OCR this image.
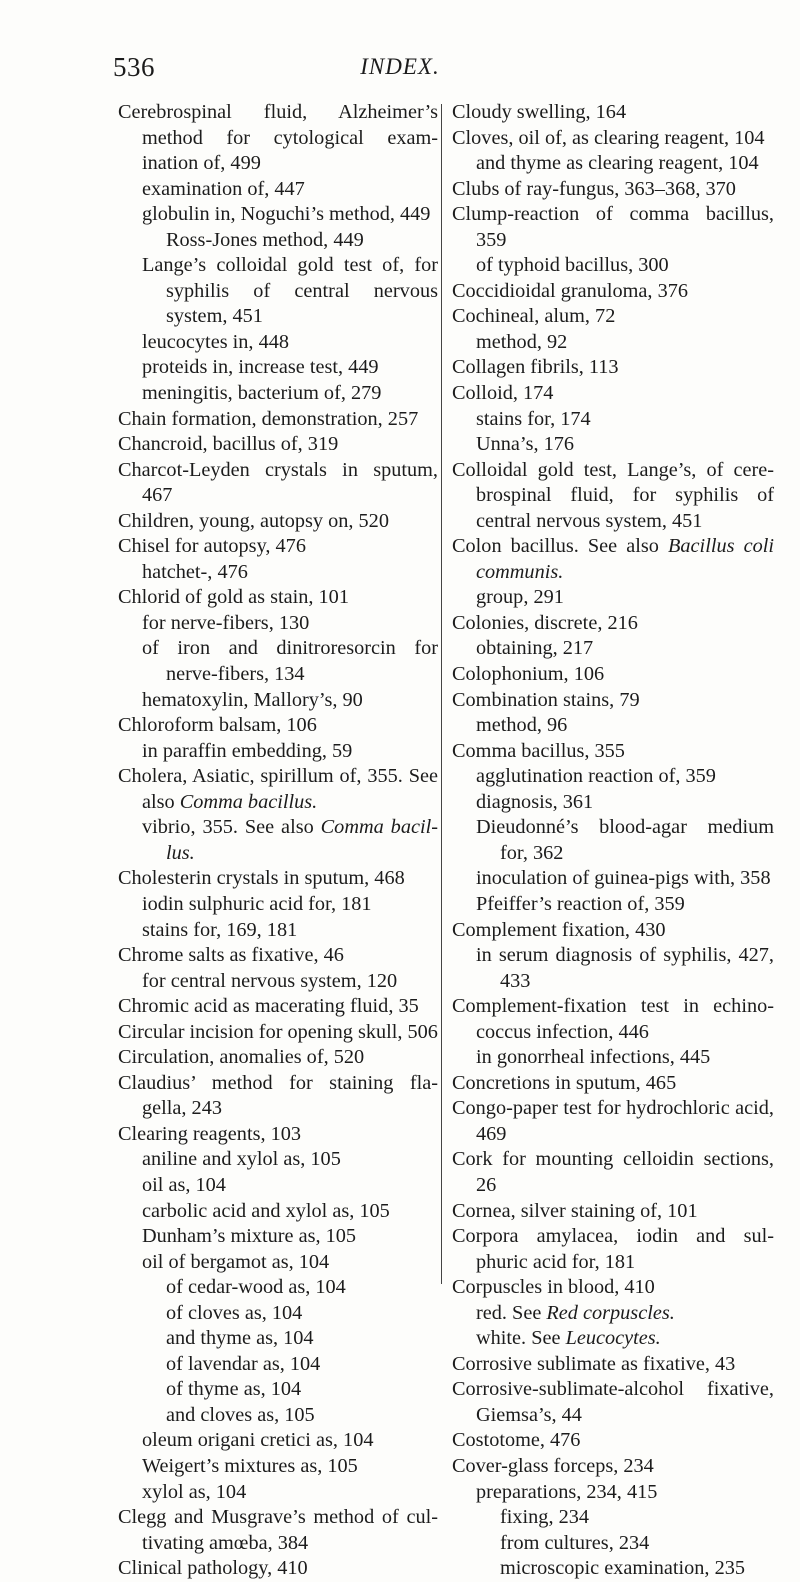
536	INDEX.
Cerebrospinal fluid, Alzheimer’s method for cytological exam- ination of, 499
examination of, 447
globulin in, Noguchi’s method, 449
Ross-Jones method, 449
Lange’s colloidal gold test of, for syphilis of central nervous system, 451
leucocytes in, 448
proteids in, increase test, 449
meningitis, bacterium of, 279
Chain formation, demonstration, 257
Chancroid, bacillus of, 319
Charcot-Leyden crystals in sputum, 467
Children, young, autopsy on, 520
Chisel for autopsy, 476
hatchet-, 476
Chlorid of gold as stain, 101
for nerve-fibers, 130
of iron and dinitroresorcin for nerve-fibers, 134
hematoxylin, Mallory’s, 90
Chloroform balsam, 106
in paraffin embedding, 59
Cholera, Asiatic, spirillum of, 355. See also Comma bacillus.
vibrio, 355. See also Comma bacil- lus.
Cholesterin crystals in sputum, 468
iodin sulphuric acid for, 181
stains for, 169, 181
Chrome salts as fixative, 46
for central nervous system, 120
Chromic acid as macerating fluid, 35
Circular incision for opening skull, 506
Circulation, anomalies of, 520
Claudius’ method for staining fla- gella, 243
Clearing reagents, 103
aniline and xylol as, 105
oil as, 104
carbolic acid and xylol as, 105
Dunham’s mixture as, 105
oil of bergamot as, 104
of cedar-wood as, 104
of cloves as, 104
and thyme as, 104
of lavendar as, 104
of thyme as, 104
and cloves as, 105
oleum origani cretici as, 104
Weigert’s mixtures as, 105
xylol as, 104
Clegg and Musgrave’s method of cul- tivating amœba, 384
Clinical pathology, 410
Cloudy swelling, 164
Cloves, oil of, as clearing reagent, 104
and thyme as clearing reagent, 104
Clubs of ray-fungus, 363–368, 370
Clump-reaction of comma bacillus, 359
of typhoid bacillus, 300
Coccidioidal granuloma, 376
Cochineal, alum, 72
method, 92
Collagen fibrils, 113
Colloid, 174
stains for, 174
Unna’s, 176
Colloidal gold test, Lange’s, of cere- brospinal fluid, for syphilis of central nervous system, 451
Colon bacillus. See also Bacillus coli communis.
group, 291
Colonies, discrete, 216
obtaining, 217
Colophonium, 106
Combination stains, 79
method, 96
Comma bacillus, 355
agglutination reaction of, 359
diagnosis, 361
Dieudonné’s blood-agar medium for, 362
inoculation of guinea-pigs with, 358
Pfeiffer’s reaction of, 359
Complement fixation, 430
in serum diagnosis of syphilis, 427, 433
Complement-fixation test in echino- coccus infection, 446
in gonorrheal infections, 445
Concretions in sputum, 465
Congo-paper test for hydrochloric acid, 469
Cork for mounting celloidin sections, 26
Cornea, silver staining of, 101
Corpora amylacea, iodin and sul- phuric acid for, 181
Corpuscles in blood, 410
red. See Red corpuscles.
white. See Leucocytes.
Corrosive sublimate as fixative, 43
Corrosive-sublimate-alcohol fixative, Giemsa’s, 44
Costotome, 476
Cover-glass forceps, 234
preparations, 234, 415
fixing, 234
from cultures, 234
microscopic examination, 235
